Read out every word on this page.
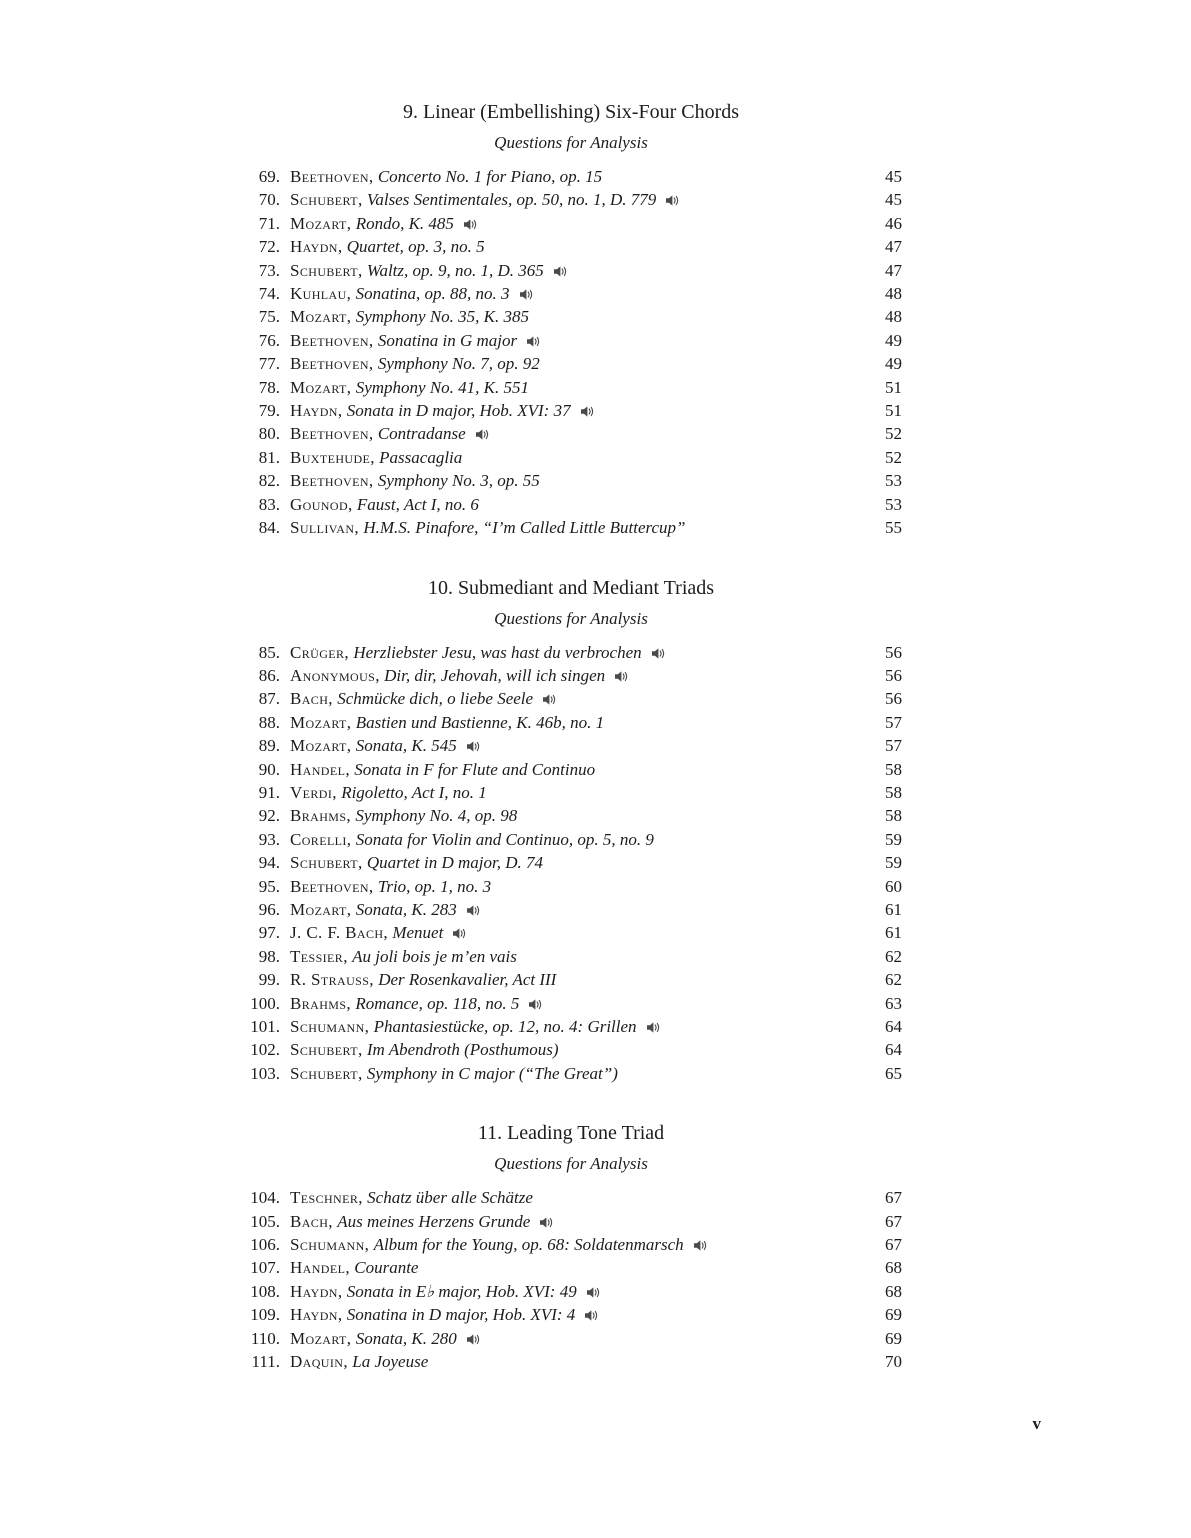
9. Linear (Embellishing) Six-Four Chords
Questions for Analysis
69. Beethoven, Concerto No. 1 for Piano, op. 15	45
70. Schubert, Valses Sentimentales, op. 50, no. 1, D. 779	45
71. Mozart, Rondo, K. 485	46
72. Haydn, Quartet, op. 3, no. 5	47
73. Schubert, Waltz, op. 9, no. 1, D. 365	47
74. Kuhlau, Sonatina, op. 88, no. 3	48
75. Mozart, Symphony No. 35, K. 385	48
76. Beethoven, Sonatina in G major	49
77. Beethoven, Symphony No. 7, op. 92	49
78. Mozart, Symphony No. 41, K. 551	51
79. Haydn, Sonata in D major, Hob. XVI: 37	51
80. Beethoven, Contradanse	52
81. Buxtehude, Passacaglia	52
82. Beethoven, Symphony No. 3, op. 55	53
83. Gounod, Faust, Act I, no. 6	53
84. Sullivan, H.M.S. Pinafore, “I’m Called Little Buttercup”	55
10. Submediant and Mediant Triads
Questions for Analysis
85. Crüger, Herzliebster Jesu, was hast du verbrochen	56
86. Anonymous, Dir, dir, Jehovah, will ich singen	56
87. Bach, Schmücke dich, o liebe Seele	56
88. Mozart, Bastien und Bastienne, K. 46b, no. 1	57
89. Mozart, Sonata, K. 545	57
90. Handel, Sonata in F for Flute and Continuo	58
91. Verdi, Rigoletto, Act I, no. 1	58
92. Brahms, Symphony No. 4, op. 98	58
93. Corelli, Sonata for Violin and Continuo, op. 5, no. 9	59
94. Schubert, Quartet in D major, D. 74	59
95. Beethoven, Trio, op. 1, no. 3	60
96. Mozart, Sonata, K. 283	61
97. J. C. F. Bach, Menuet	61
98. Tessier, Au joli bois je m’en vais	62
99. R. Strauss, Der Rosenkavalier, Act III	62
100. Brahms, Romance, op. 118, no. 5	63
101. Schumann, Phantasiestücke, op. 12, no. 4: Grillen	64
102. Schubert, Im Abendroth (Posthumous)	64
103. Schubert, Symphony in C major (“The Great”)	65
11. Leading Tone Triad
Questions for Analysis
104. Teschner, Schatz über alle Schätze	67
105. Bach, Aus meines Herzens Grunde	67
106. Schumann, Album for the Young, op. 68: Soldatenmarsch	67
107. Handel, Courante	68
108. Haydn, Sonata in E♭ major, Hob. XVI: 49	68
109. Haydn, Sonatina in D major, Hob. XVI: 4	69
110. Mozart, Sonata, K. 280	69
111. Daquin, La Joyeuse	70
v
